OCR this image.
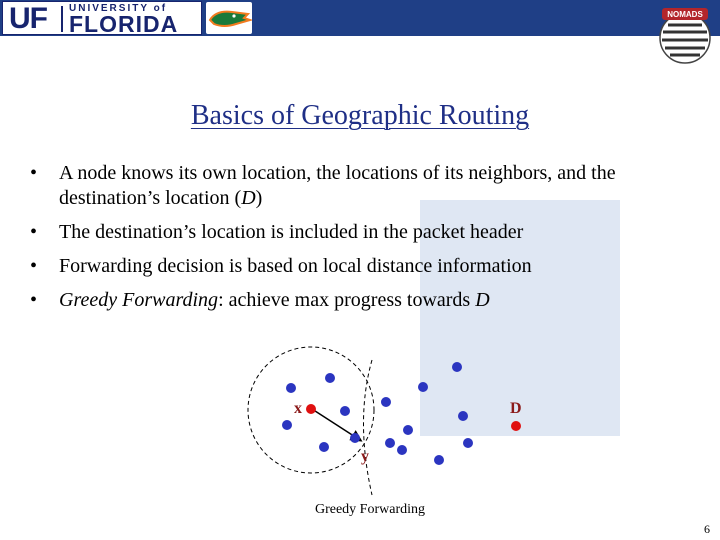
UF UNIVERSITY of
FLORIDA	NOMADS
Basics of Geographic Routing
• A node knows its own location, the locations of its neighbors, and the destination’s location (D)
• The destination’s location is included in the packet header
• Forwarding decision is based on local distance information
• Greedy Forwarding: achieve max progress towards D
x
y
D
Greedy Forwarding
6
